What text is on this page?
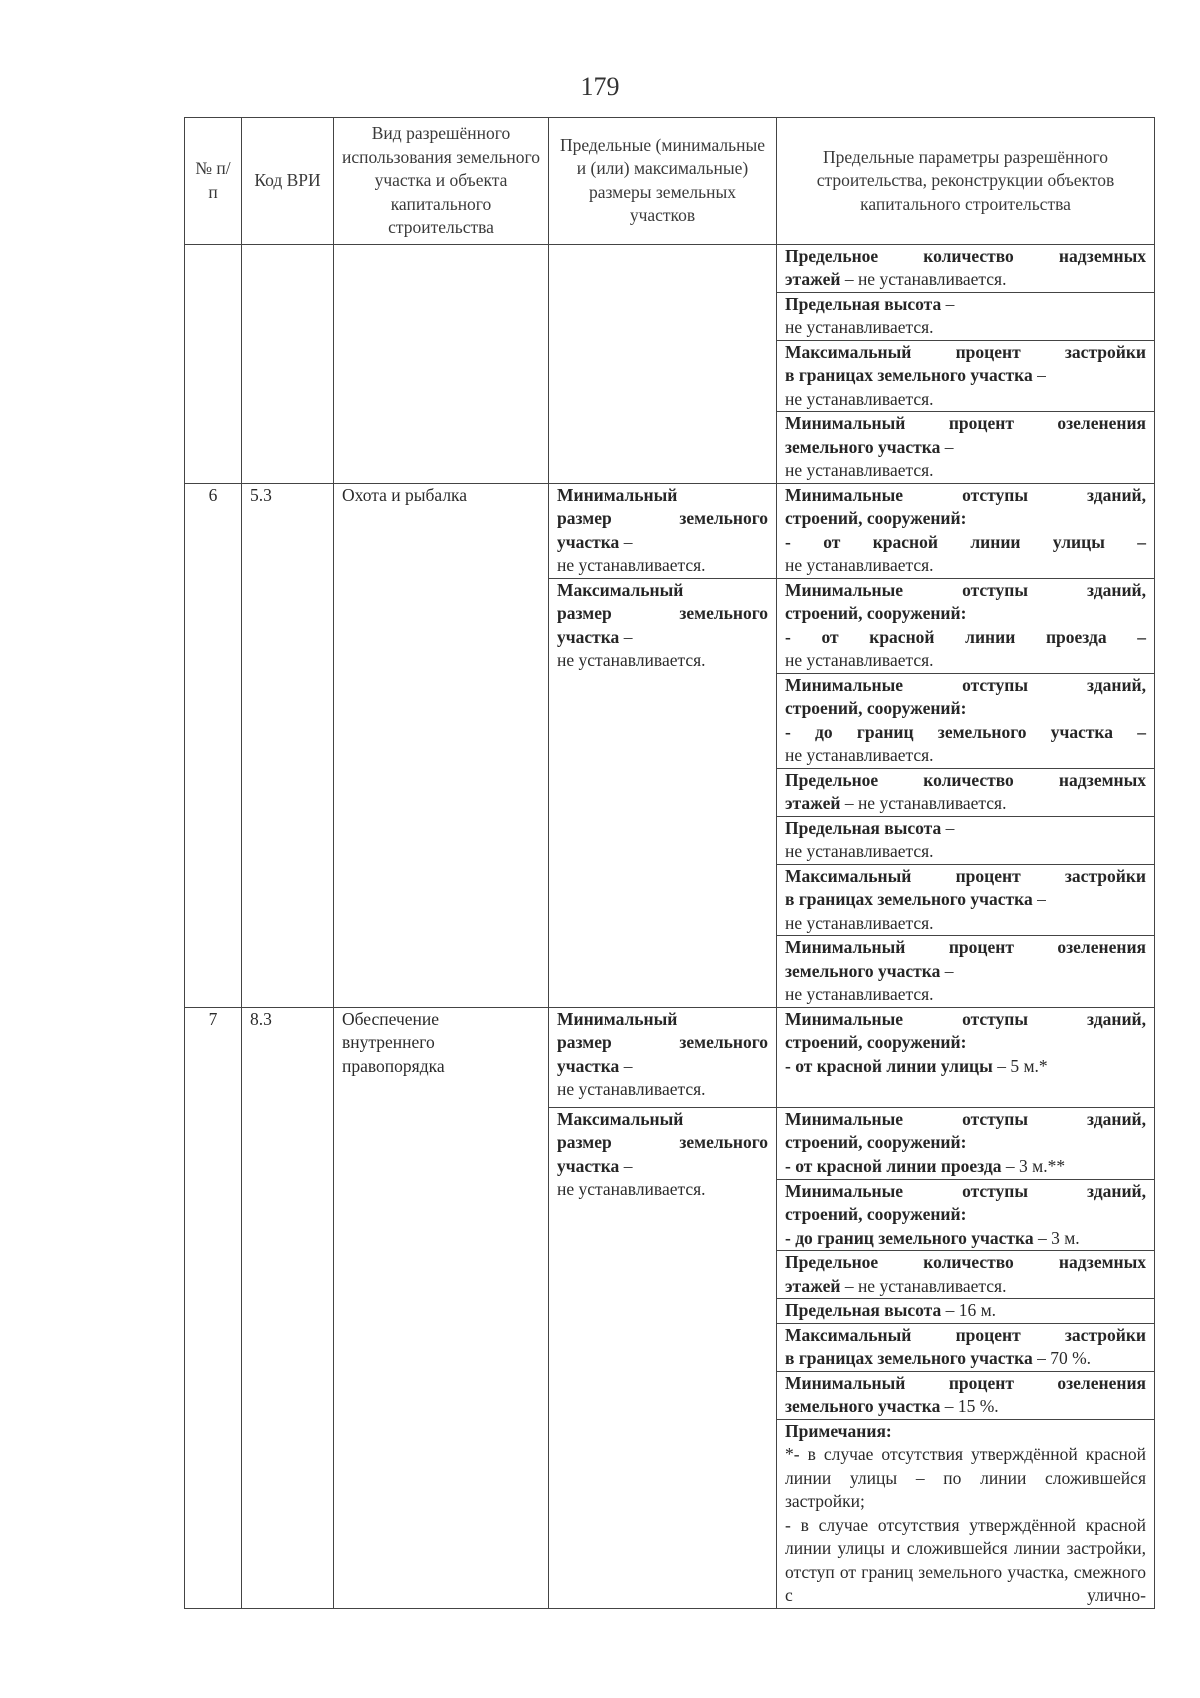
179
№ п/п	Код ВРИ	Вид разрешённого использования земельного участка и объекта капитального строительства	Предельные (минимальные и (или) максимальные) размеры земельных участков	Предельные параметры разрешённого строительства, реконструкции объектов капитального строительства

				Предельное количество надземных
этажей – не устанавливается.
				Предельная высота –
не устанавливается.

				Максимальный процент застройки
в границах земельного участка –
не устанавливается.

				Минимальный процент озеленения
земельного участка –
не устанавливается.

6	5.3	Охота и рыбалка	Минимальный
размер земельного
участка –
не устанавливается.	Минимальные отступы зданий,
строений, сооружений:
- от красной линии улицы –
не устанавливается.

			Максимальный
размер земельного
участка –
не устанавливается.	Минимальные отступы зданий,
строений, сооружений:
- от красной линии проезда –
не устанавливается.

				Минимальные отступы зданий,
строений, сооружений:
- до границ земельного участка –
не устанавливается.

				Предельное количество надземных
этажей – не устанавливается.
				Предельная высота –
не устанавливается.

				Максимальный процент застройки
в границах земельного участка –
не устанавливается.

				Минимальный процент озеленения
земельного участка –
не устанавливается.

7	8.3	Обеспечение
внутреннего
правопорядка	Минимальный
размер земельного
участка –
не устанавливается.	Минимальные отступы зданий,
строений, сооружений:
- от красной линии улицы – 5 м.*

			Максимальный
размер земельного
участка –
не устанавливается.	Минимальные отступы зданий,
строений, сооружений:
- от красной линии проезда – 3 м.**

				Минимальные отступы зданий,
строений, сооружений:
- до границ земельного участка – 3 м.

				Предельное количество надземных
этажей – не устанавливается.
				Предельная высота – 16 м.

				Максимальный процент застройки
в границах земельного участка – 70 %.

				Минимальный процент озеленения
земельного участка – 15 %.

				Примечания:
*- в случае отсутствия утверждённой красной линии улицы – по линии сложившейся застройки;
- в случае отсутствия утверждённой красной линии улицы и сложившейся линии застройки, отступ от границ земельного участка, смежного с улично-
